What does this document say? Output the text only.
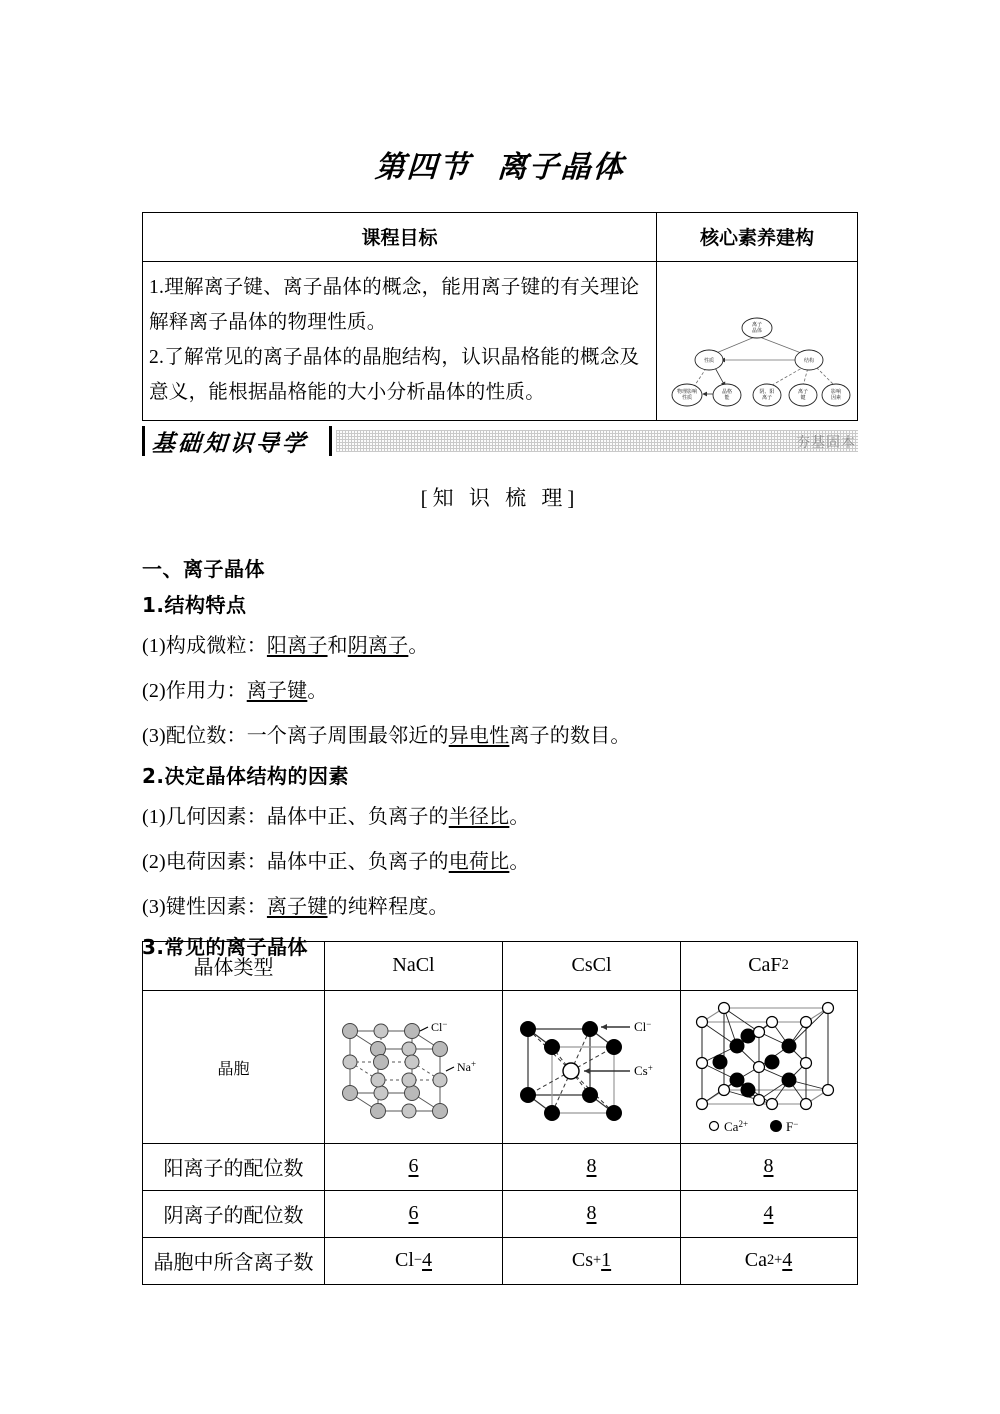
第四节 离子晶体
课程目标	核心素养建构
1.理解离子键、离子晶体的概念，能用离子键的有关理论
解释离子晶体的物理性质。
2.了解常见的离子晶体的晶胞结构，认识晶格能的概念及
意义，能根据晶格能的大小分析晶体的性质。
离子
晶体
性质	结构
物理影响
性质
晶格
能
阴、阳
离子
离子
键
影响
因素
基础知识导学	夯基固本
[知 识 梳 理]
一、离子晶体
1.结构特点

(1)构成微粒：阳离子和阴离子。

(2)作用力：离子键。

(3)配位数：一个离子周围最邻近的异电性离子的数目。

2.决定晶体结构的因素

(1)几何因素：晶体中正、负离子的半径比。

(2)电荷因素：晶体中正、负离子的电荷比。

(3)键性因素：离子键的纯粹程度。

3.常见的离子晶体
晶体类型	NaCl	CsCl	CaF 2
晶胞
Cl−
Na+
Cl−
Cs+
$Ca^{2+}$	F−
阳离子的配位数	6	8	8
阴离子的配位数	6	8	4
晶胞中所含离子数	Cl − 4	Cs + 1	Ca 2+ 4
